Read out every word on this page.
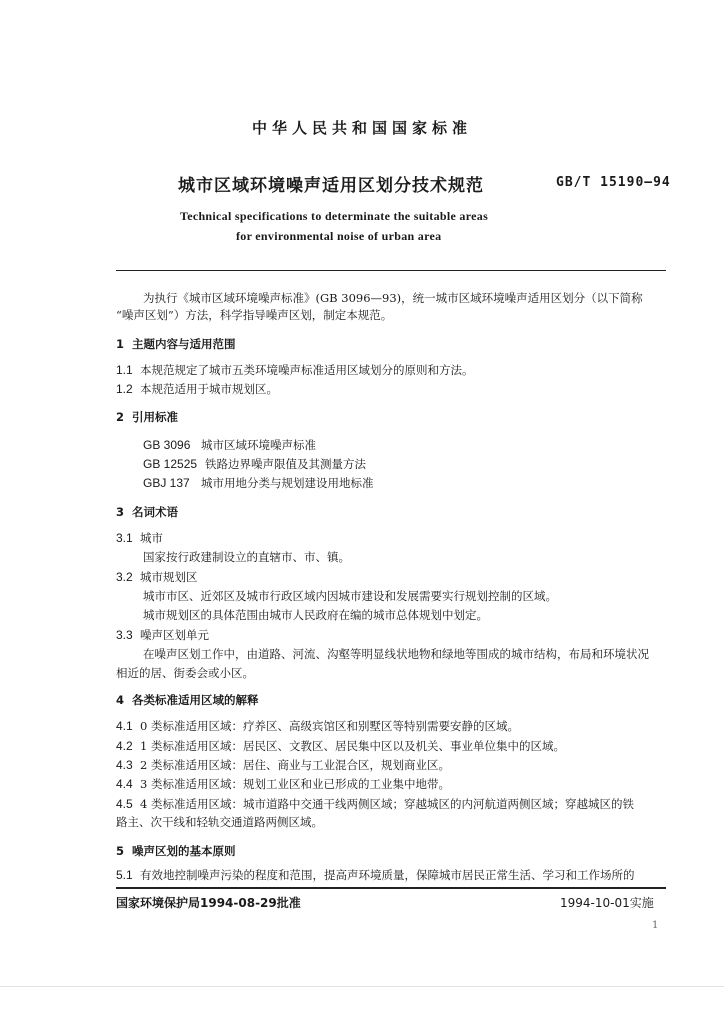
中华人民共和国国家标准
城市区域环境噪声适用区划分技术规范	GB/T 15190—94
Technical specifications to determinate the suitable areas
for environmental noise of urban area
为执行《城市区域环境噪声标准》(GB 3096—93)，统一城市区域环境噪声适用区划分（以下简称
“噪声区划”）方法，科学指导噪声区划，制定本规范。
1 主题内容与适用范围
1.1 本规范规定了城市五类环境噪声标准适用区域划分的原则和方法。
1.2 本规范适用于城市规划区。
2 引用标准
GB 3096 城市区域环境噪声标准
GB 12525 铁路边界噪声限值及其测量方法
GBJ 137 城市用地分类与规划建设用地标准
3 名词术语
3.1 城市
国家按行政建制设立的直辖市、市、镇。
3.2 城市规划区
城市市区、近郊区及城市行政区域内因城市建设和发展需要实行规划控制的区域。
城市规划区的具体范围由城市人民政府在编的城市总体规划中划定。
3.3 噪声区划单元
在噪声区划工作中，由道路、河流、沟壑等明显线状地物和绿地等围成的城市结构，布局和环境状况
相近的居、街委会或小区。
4 各类标准适用区域的解释
4.1 0 类标准适用区域：疗养区、高级宾馆区和别墅区等特别需要安静的区域。
4.2 1 类标准适用区域：居民区、文教区、居民集中区以及机关、事业单位集中的区域。
4.3 2 类标准适用区域：居住、商业与工业混合区，规划商业区。
4.4 3 类标准适用区域：规划工业区和业已形成的工业集中地带。
4.5 4 类标准适用区域：城市道路中交通干线两侧区域；穿越城区的内河航道两侧区域；穿越城区的铁
路主、次干线和轻轨交通道路两侧区域。
5 噪声区划的基本原则
5.1 有效地控制噪声污染的程度和范围，提高声环境质量，保障城市居民正常生活、学习和工作场所的
国家环境保护局1994-08-29批准	1994-10-01实施
1
